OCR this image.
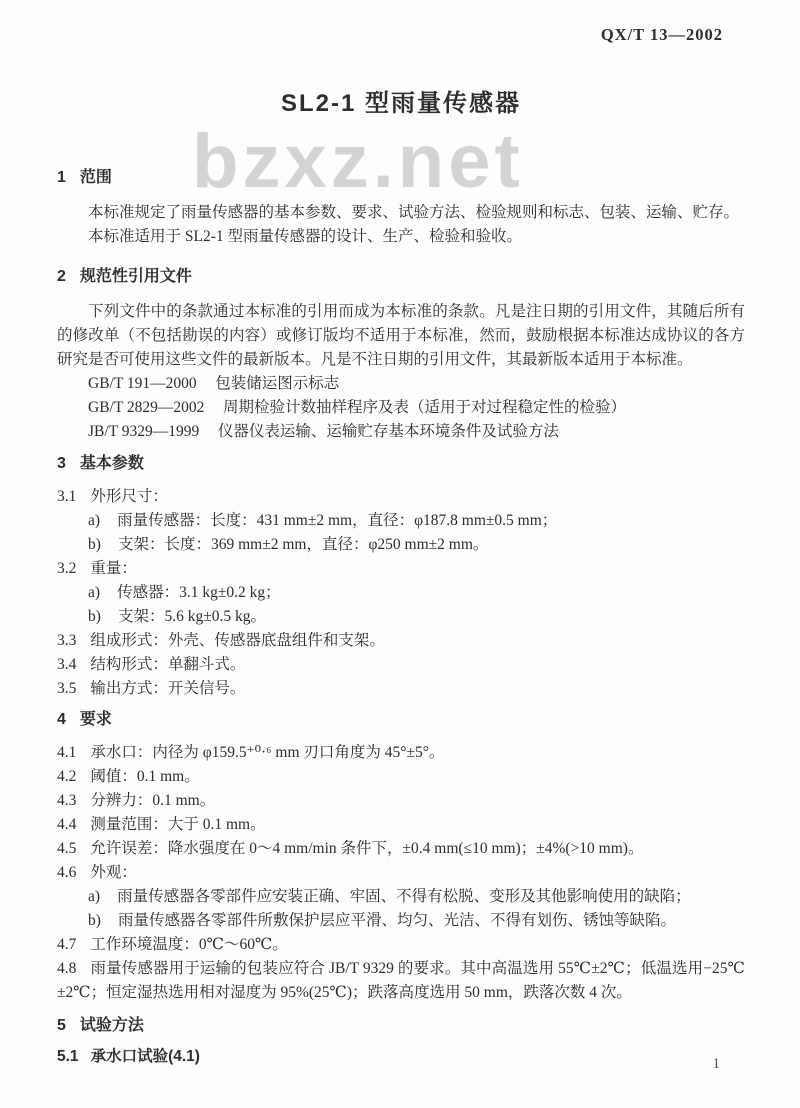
bzxz.net
QX/T 13—2002
SL2-1 型雨量传感器
1 范围

本标准规定了雨量传感器的基本参数、要求、试验方法、检验规则和标志、包装、运输、贮存。

本标准适用于 SL2-1 型雨量传感器的设计、生产、检验和验收。

2 规范性引用文件

下列文件中的条款通过本标准的引用而成为本标准的条款。凡是注日期的引用文件，其随后所有的修改单（不包括勘误的内容）或修订版均不适用于本标准，然而，鼓励根据本标准达成协议的各方研究是否可使用这些文件的最新版本。凡是不注日期的引用文件，其最新版本适用于本标准。

GB/T 191—2000 包装储运图示标志
GB/T 2829—2002 周期检验计数抽样程序及表（适用于对过程稳定性的检验）
JB/T 9329—1999 仪器仪表运输、运输贮存基本环境条件及试验方法
3 基本参数
3.1 外形尺寸：
a) 雨量传感器：长度：431 mm±2 mm，直径：φ187.8 mm±0.5 mm；
b) 支架：长度：369 mm±2 mm，直径：φ250 mm±2 mm。
3.2 重量：
a) 传感器：3.1 kg±0.2 kg；
b) 支架：5.6 kg±0.5 kg。
3.3 组成形式：外壳、传感器底盘组件和支架。
3.4 结构形式：单翻斗式。
3.5 输出方式：开关信号。
4 要求
4.1 承水口：内径为 φ159.5⁺⁰·⁶ mm 刃口角度为 45°±5°。
4.2 阈值：0.1 mm。
4.3 分辨力：0.1 mm。
4.4 测量范围：大于 0.1 mm。
4.5 允许误差：降水强度在 0～4 mm/min 条件下，±0.4 mm(≤10 mm)；±4%(>10 mm)。
4.6 外观：
a) 雨量传感器各零部件应安装正确、牢固、不得有松脱、变形及其他影响使用的缺陷；
b) 雨量传感器各零部件所敷保护层应平滑、均匀、光洁、不得有划伤、锈蚀等缺陷。
4.7 工作环境温度：0℃～60℃。
4.8 雨量传感器用于运输的包装应符合 JB/T 9329 的要求。其中高温选用 55℃±2℃；低温选用−25℃±2℃；恒定湿热选用相对湿度为 95%(25℃)；跌落高度选用 50 mm，跌落次数 4 次。
5 试验方法
5.1 承水口试验(4.1)	1
